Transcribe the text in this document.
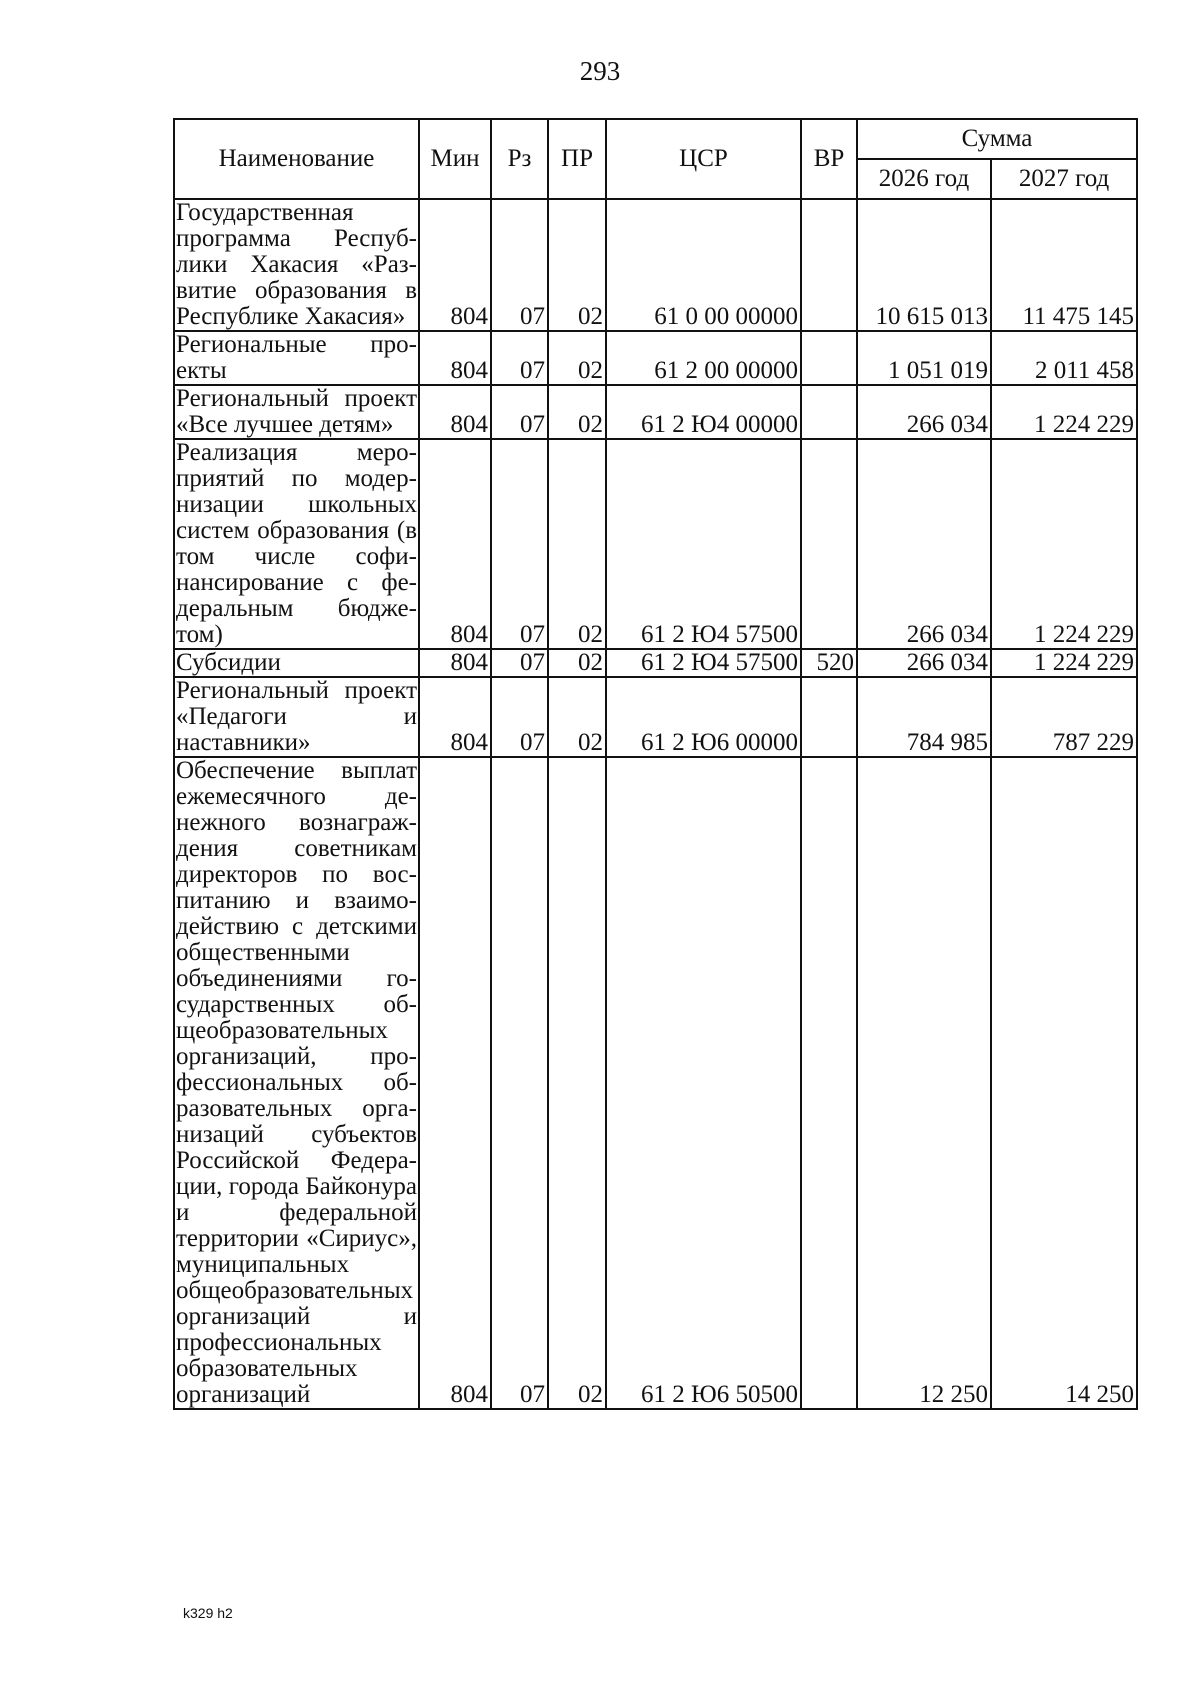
293
Наименование	Мин	Рз	ПР	ЦСР	ВР	Сумма	
						2026 год	2027 год
Государственная программа Республики Хакасия «Развитие образования в Республике Хакасия»	804	07	02	61 0 00 00000		10 615 013	11 475 145
Региональные проекты	804	07	02	61 2 00 00000		1 051 019	2 011 458
Региональный проект «Все лучшее детям»	804	07	02	61 2 Ю4 00000		266 034	1 224 229
Реализация мероприятий по модернизации школьных систем образования (в том числе софинансирование с федеральным бюджетом)	804	07	02	61 2 Ю4 57500		266 034	1 224 229
Субсидии	804	07	02	61 2 Ю4 57500	520	266 034	1 224 229
Региональный проект «Педагоги и наставники»	804	07	02	61 2 Ю6 00000		784 985	787 229
Обеспечение выплат ежемесячного денежного вознаграждения советникам директоров по воспитанию и взаимодействию с детскими общественными объединениями государственных общеобразовательных организаций, профессиональных образовательных организаций субъектов Российской Федерации, города Байконура и федеральной территории «Сириус», муниципальных общеобразовательных организаций и профессиональных образовательных организаций	804	07	02	61 2 Ю6 50500		12 250	14 250
k329 h2
